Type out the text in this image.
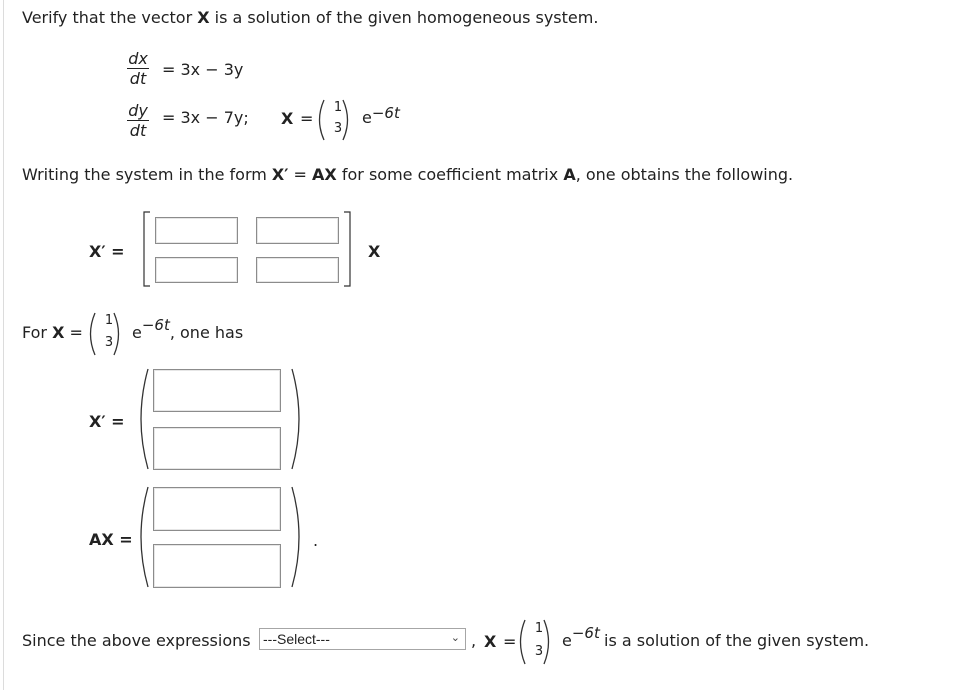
Verify that the vector X is a solution of the given homogeneous system.
$\frac{dx}{dt} = 3x - 3y$
$\frac{dy}{dt} = 3x - 7y$; X =
1
3
e−6t
Writing the system in the form X′ = AX for some coefficient matrix A, one obtains the following.
X′ =	X
For X =
1
3
e−6t, one has
X′ =
AX =	.
Since the above expressions ---Select---	⌄ , X =
1
3
e−6t is a solution of the given system.
